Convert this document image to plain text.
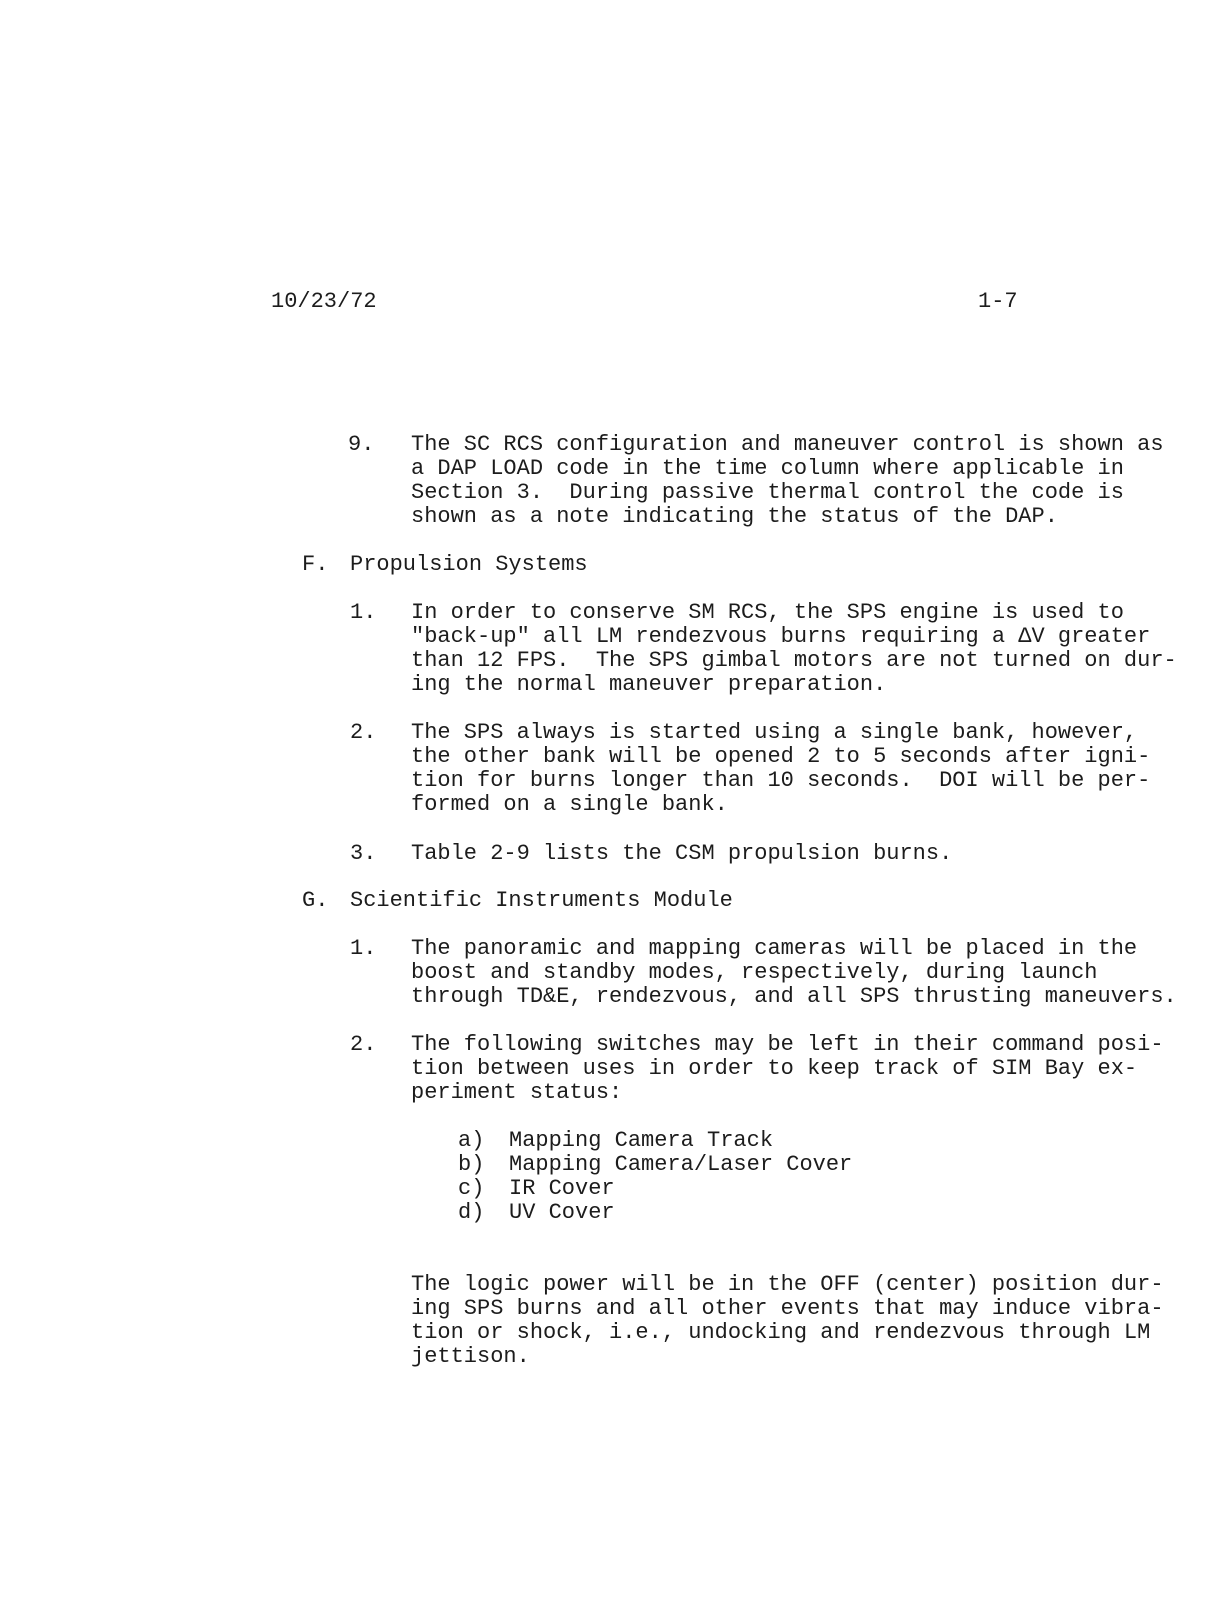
10/23/72	1-7
9. The SC RCS configuration and maneuver control is shown as
a DAP LOAD code in the time column where applicable in
Section 3.  During passive thermal control the code is
shown as a note indicating the status of the DAP.
F. Propulsion Systems
1. In order to conserve SM RCS, the SPS engine is used to
"back-up" all LM rendezvous burns requiring a ΔV greater
than 12 FPS.  The SPS gimbal motors are not turned on dur-
ing the normal maneuver preparation.
2. The SPS always is started using a single bank, however,
the other bank will be opened 2 to 5 seconds after igni-
tion for burns longer than 10 seconds.  DOI will be per-
formed on a single bank.
3. Table 2-9 lists the CSM propulsion burns.
G. Scientific Instruments Module
1. The panoramic and mapping cameras will be placed in the
boost and standby modes, respectively, during launch
through TD&E, rendezvous, and all SPS thrusting maneuvers.
2. The following switches may be left in their command posi-
tion between uses in order to keep track of SIM Bay ex-
periment status:
a) Mapping Camera Track
b) Mapping Camera/Laser Cover
c) IR Cover
d) UV Cover
The logic power will be in the OFF (center) position dur-
ing SPS burns and all other events that may induce vibra-
tion or shock, i.e., undocking and rendezvous through LM
jettison.
